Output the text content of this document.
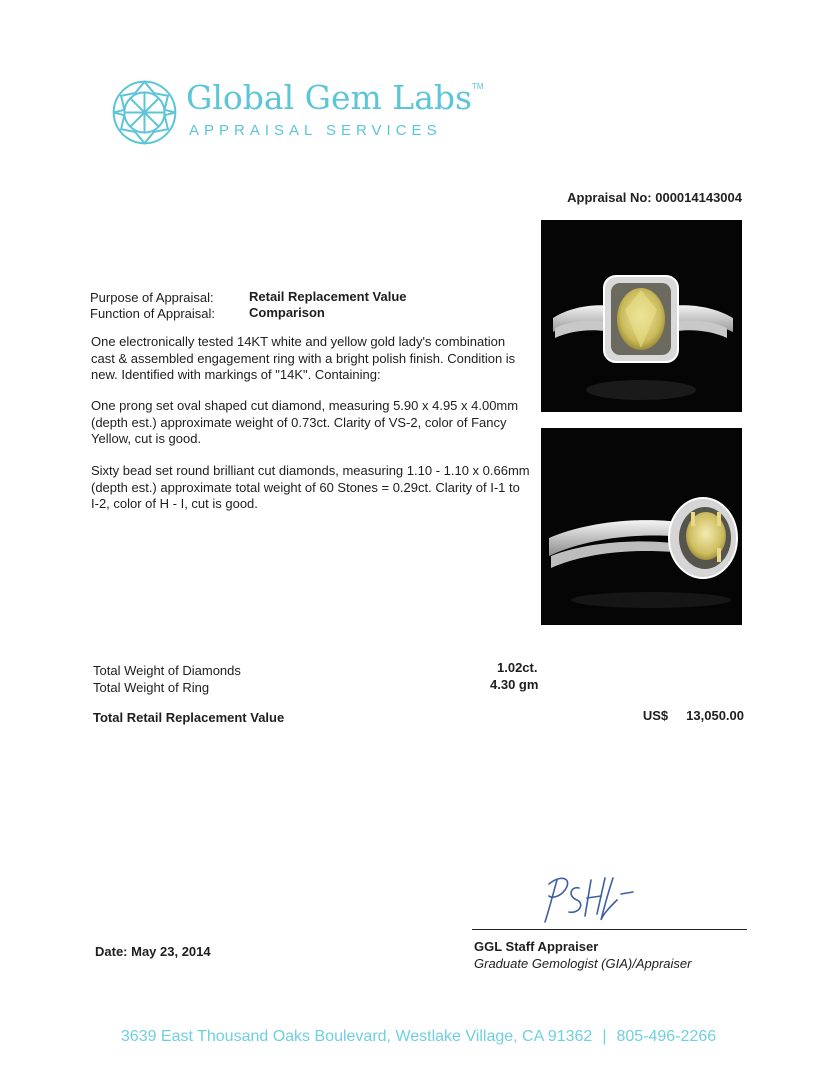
Global Gem Labs™
APPRAISAL SERVICES
Appraisal No: 000014143004
Purpose of Appraisal:	Retail Replacement Value
Function of Appraisal:	Comparison
One electronically tested 14KT white and yellow gold lady's combination cast & assembled engagement ring with a bright polish finish. Condition is new. Identified with markings of "14K". Containing:
One prong set oval shaped cut diamond, measuring 5.90 x 4.95 x 4.00mm (depth est.) approximate weight of 0.73ct. Clarity of VS-2, color of Fancy Yellow, cut is good.
Sixty bead set round brilliant cut diamonds, measuring 1.10 - 1.10 x 0.66mm (depth est.) approximate total weight of 60 Stones = 0.29ct. Clarity of I-1 to I-2, color of H - I, cut is good.
Total Weight of Diamonds	1.02ct.
Total Weight of Ring	4.30 gm
Total Retail Replacement Value	US$ 13,050.00
GGL Staff Appraiser
Graduate Gemologist (GIA)/Appraiser
Date: May 23, 2014
3639 East Thousand Oaks Boulevard, Westlake Village, CA 91362 | 805-496-2266
